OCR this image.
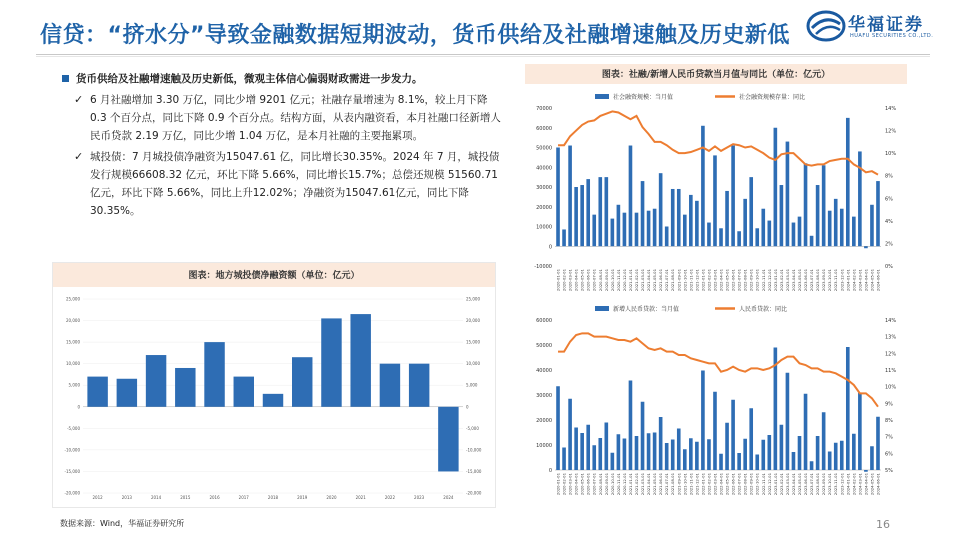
信贷：“挤水分”导致金融数据短期波动，货币供给及社融增速触及历史新低	华福证券
HUAFU SECURITIES CO.,LTD.
货币供给及社融增速触及历史新低，微观主体信心偏弱财政需进一步发力。
✓ 6 月社融增加 3.30 万亿，同比少增 9201 亿元；社融存量增速为 8.1%，较上月下降 0.3 个百分点，同比下降 0.9 个百分点。结构方面，从表内融资看，本月社融口径新增人民币贷款 2.19 万亿，同比少增 1.04 万亿，是本月社融的主要拖累项。
✓ 城投债：7 月城投债净融资为15047.61 亿，同比增长30.35%。2024 年 7 月，城投债发行规模66608.32 亿元，环比下降 5.66%，同比增长15.7%；总偿还规模 51560.71 亿元，环比下降 5.66%，同比上升12.02%；净融资为15047.61亿元，同比下降 30.35%。
图表：社融/新增人民币贷款当月值与同比（单位：亿元）
社会融资规模：当月值	社会融资规模存量：同比
-10000
0
10000
20000
30000
40000
50000
60000
70000
0%
2%
4%
6%
8%
10%
12%
14%
2020-01-01 2020-02-01 2020-03-01 2020-04-01 2020-05-01 2020-06-01 2020-07-01 2020-08-01 2020-09-01 2020-10-01 2020-11-01 2020-12-01 2021-01-01 2021-02-01 2021-03-01 2021-04-01 2021-05-01 2021-06-01 2021-07-01 2021-08-01 2021-09-01 2021-10-01 2021-11-01 2021-12-01 2022-01-01 2022-02-01 2022-03-01 2022-04-01 2022-05-01 2022-06-01 2022-07-01 2022-08-01 2022-09-01 2022-10-01 2022-11-01 2022-12-01 2023-01-01 2023-02-01 2023-03-01 2023-04-01 2023-05-01 2023-06-01 2023-07-01 2023-08-01 2023-09-01 2023-10-01 2023-11-01 2023-12-01 2024-01-01 2024-02-01 2024-03-01 2024-04-01 2024-05-01 2024-06-01
新增人民币贷款：当月值	人民币贷款：同比
0
10000
20000
30000
40000
50000
60000
5%
6%
7%
8%
9%
10%
11%
12%
13%
14%
2020-01-01 2020-02-01 2020-03-01 2020-04-01 2020-05-01 2020-06-01 2020-07-01 2020-08-01 2020-09-01 2020-10-01 2020-11-01 2020-12-01 2021-01-01 2021-02-01 2021-03-01 2021-04-01 2021-05-01 2021-06-01 2021-07-01 2021-08-01 2021-09-01 2021-10-01 2021-11-01 2021-12-01 2022-01-01 2022-02-01 2022-03-01 2022-04-01 2022-05-01 2022-06-01 2022-07-01 2022-08-01 2022-09-01 2022-10-01 2022-11-01 2022-12-01 2023-01-01 2023-02-01 2023-03-01 2023-04-01 2023-05-01 2023-06-01 2023-07-01 2023-08-01 2023-09-01 2023-10-01 2023-11-01 2023-12-01 2024-01-01 2024-02-01 2024-03-01 2024-04-01 2024-05-01 2024-06-01
图表：地方城投债净融资额（单位：亿元）
-20,000
-15,000
-10,000
-5,000
0
5,000
10,000
15,000
20,000
25,000
-20,000
-15,000
-10,000
-5,000
0
5,000
10,000
15,000
20,000
25,000
2012	2013	2014	2015	2016	2017	2018	2019	2020	2021	2022	2023	2024
数据来源：Wind，华福证券研究所	16
